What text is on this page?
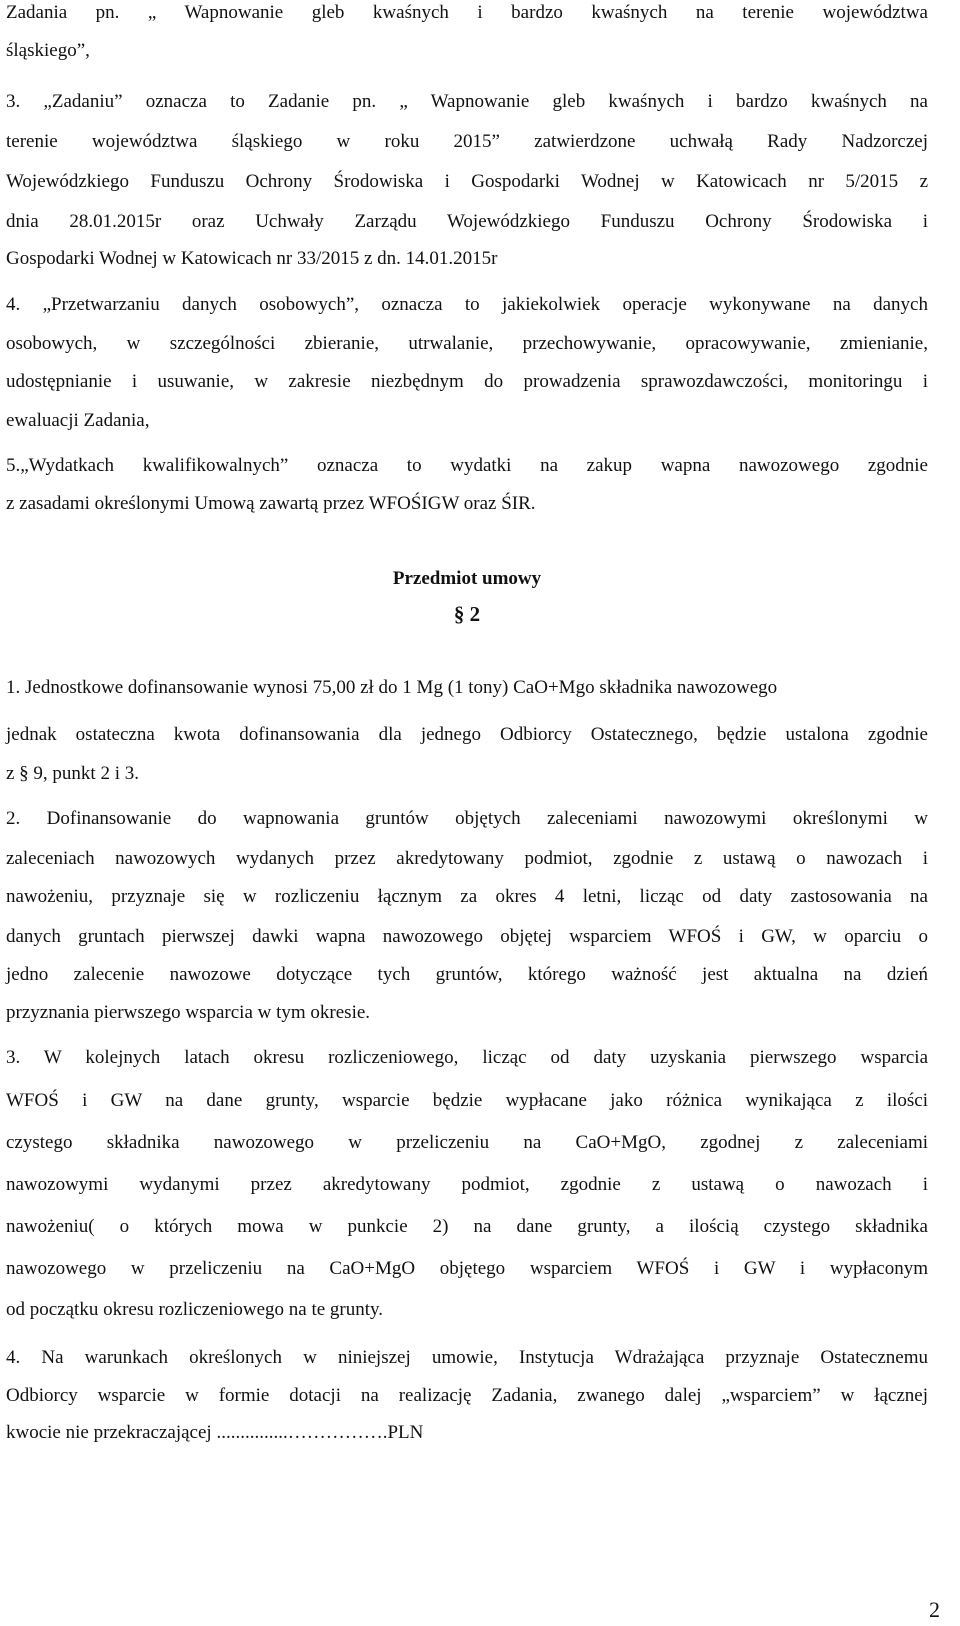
Zadania pn. „ Wapnowanie gleb kwaśnych i bardzo kwaśnych na terenie województwa
śląskiego”,
3. „Zadaniu” oznacza to Zadanie pn. „ Wapnowanie gleb kwaśnych i bardzo kwaśnych na
terenie województwa śląskiego w roku 2015” zatwierdzone uchwałą Rady Nadzorczej
Wojewódzkiego Funduszu Ochrony Środowiska i Gospodarki Wodnej w Katowicach nr 5/2015 z
dnia 28.01.2015r oraz Uchwały Zarządu Wojewódzkiego Funduszu Ochrony Środowiska i
Gospodarki Wodnej w Katowicach nr 33/2015 z dn. 14.01.2015r
4. „Przetwarzaniu danych osobowych”, oznacza to jakiekolwiek operacje wykonywane na danych
osobowych, w szczególności zbieranie, utrwalanie, przechowywanie, opracowywanie, zmienianie,
udostępnianie i usuwanie, w zakresie niezbędnym do prowadzenia sprawozdawczości, monitoringu i
ewaluacji Zadania,
5.„Wydatkach kwalifikowalnych” oznacza to wydatki na zakup wapna nawozowego zgodnie
z zasadami określonymi Umową zawartą przez WFOŚIGW oraz ŚIR.
Przedmiot umowy
§ 2
1. Jednostkowe dofinansowanie wynosi 75,00 zł do 1 Mg (1 tony) CaO+Mgo składnika nawozowego
jednak ostateczna kwota dofinansowania dla jednego Odbiorcy Ostatecznego, będzie ustalona zgodnie
z § 9, punkt 2 i 3.
2. Dofinansowanie do wapnowania gruntów objętych zaleceniami nawozowymi określonymi w
zaleceniach nawozowych wydanych przez akredytowany podmiot, zgodnie z ustawą o nawozach i
nawożeniu, przyznaje się w rozliczeniu łącznym za okres 4 letni, licząc od daty zastosowania na
danych gruntach pierwszej dawki wapna nawozowego objętej wsparciem WFOŚ i GW, w oparciu o
jedno zalecenie nawozowe dotyczące tych gruntów, którego ważność jest aktualna na dzień
przyznania pierwszego wsparcia w tym okresie.
3. W kolejnych latach okresu rozliczeniowego, licząc od daty uzyskania pierwszego wsparcia
WFOŚ i GW na dane grunty, wsparcie będzie wypłacane jako różnica wynikająca z ilości
czystego składnika nawozowego w przeliczeniu na CaO+MgO, zgodnej z zaleceniami
nawozowymi wydanymi przez akredytowany podmiot, zgodnie z ustawą o nawozach i
nawożeniu( o których mowa w punkcie 2) na dane grunty, a ilością czystego składnika
nawozowego w przeliczeniu na CaO+MgO objętego wsparciem WFOŚ i GW i wypłaconym
od początku okresu rozliczeniowego na te grunty.
4. Na warunkach określonych w niniejszej umowie, Instytucja Wdrażająca przyznaje Ostatecznemu
Odbiorcy wsparcie w formie dotacji na realizację Zadania, zwanego dalej „wsparciem” w łącznej
kwocie nie przekraczającej ...............…………….PLN
2
